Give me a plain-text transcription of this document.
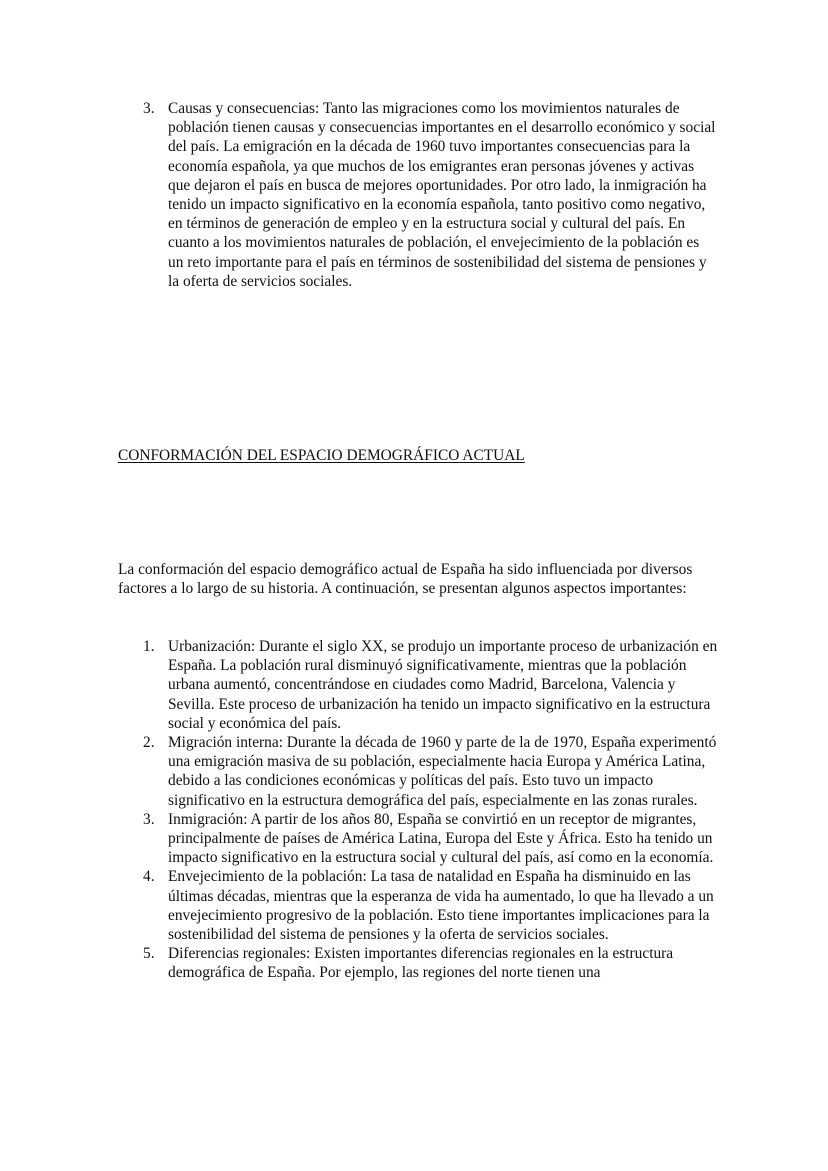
3. Causas y consecuencias: Tanto las migraciones como los movimientos naturales de población tienen causas y consecuencias importantes en el desarrollo económico y social del país. La emigración en la década de 1960 tuvo importantes consecuencias para la economía española, ya que muchos de los emigrantes eran personas jóvenes y activas que dejaron el país en busca de mejores oportunidades. Por otro lado, la inmigración ha tenido un impacto significativo en la economía española, tanto positivo como negativo, en términos de generación de empleo y en la estructura social y cultural del país. En cuanto a los movimientos naturales de población, el envejecimiento de la población es un reto importante para el país en términos de sostenibilidad del sistema de pensiones y la oferta de servicios sociales.
CONFORMACIÓN DEL ESPACIO DEMOGRÁFICO ACTUAL

La conformación del espacio demográfico actual de España ha sido influenciada por diversos factores a lo largo de su historia. A continuación, se presentan algunos aspectos importantes:

1. Urbanización: Durante el siglo XX, se produjo un importante proceso de urbanización en España. La población rural disminuyó significativamente, mientras que la población urbana aumentó, concentrándose en ciudades como Madrid, Barcelona, Valencia y Sevilla. Este proceso de urbanización ha tenido un impacto significativo en la estructura social y económica del país.
2. Migración interna: Durante la década de 1960 y parte de la de 1970, España experimentó una emigración masiva de su población, especialmente hacia Europa y América Latina, debido a las condiciones económicas y políticas del país. Esto tuvo un impacto significativo en la estructura demográfica del país, especialmente en las zonas rurales.
3. Inmigración: A partir de los años 80, España se convirtió en un receptor de migrantes, principalmente de países de América Latina, Europa del Este y África. Esto ha tenido un impacto significativo en la estructura social y cultural del país, así como en la economía.
4. Envejecimiento de la población: La tasa de natalidad en España ha disminuido en las últimas décadas, mientras que la esperanza de vida ha aumentado, lo que ha llevado a un envejecimiento progresivo de la población. Esto tiene importantes implicaciones para la sostenibilidad del sistema de pensiones y la oferta de servicios sociales.
5. Diferencias regionales: Existen importantes diferencias regionales en la estructura demográfica de España. Por ejemplo, las regiones del norte tienen una
